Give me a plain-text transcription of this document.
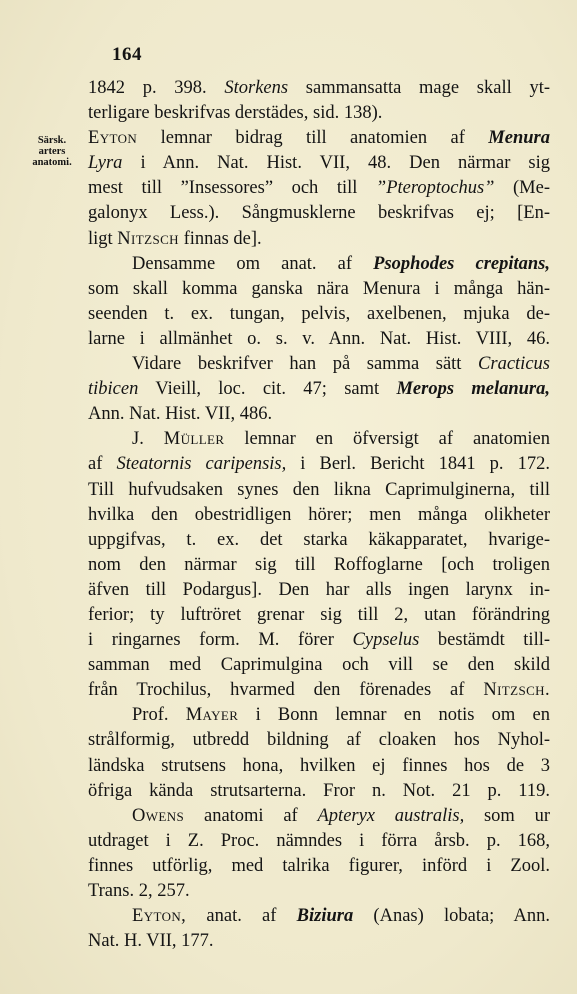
164
Särsk.
arters
anatomi.
1842 p. 398. Storkens sammansatta mage skall yt-
terligare beskrifvas derstädes, sid. 138).
Eyton lemnar bidrag till anatomien af Menura
Lyra i Ann. Nat. Hist. VII, 48. Den närmar sig
mest till ”Insessores” och till ”Pteroptochus” (Me-
galonyx Less.). Sångmusklerne beskrifvas ej; [En-
ligt Nitzsch finnas de].
Densamme om anat. af Psophodes crepitans,
som skall komma ganska nära Menura i många hän-
seenden t. ex. tungan, pelvis, axelbenen, mjuka de-
larne i allmänhet o. s. v. Ann. Nat. Hist. VIII, 46.
Vidare beskrifver han på samma sätt Cracticus
tibicen Vieill, loc. cit. 47; samt Merops melanura,
Ann. Nat. Hist. VII, 486.
J. Müller lemnar en öfversigt af anatomien
af Steatornis caripensis, i Berl. Bericht 1841 p. 172.
Till hufvudsaken synes den likna Caprimulginerna, till
hvilka den obestridligen hörer; men många olikheter
uppgifvas, t. ex. det starka käkapparatet, hvarige-
nom den närmar sig till Roffoglarne [och troligen
äfven till Podargus]. Den har alls ingen larynx in-
ferior; ty luftröret grenar sig till 2, utan förändring
i ringarnes form. M. förer Cypselus bestämdt till-
samman med Caprimulgina och vill se den skild
från Trochilus, hvarmed den förenades af Nitzsch.
Prof. Mayer i Bonn lemnar en notis om en
strålformig, utbredd bildning af cloaken hos Nyhol-
ländska strutsens hona, hvilken ej finnes hos de 3
öfriga kända strutsarterna. Fror n. Not. 21 p. 119.
Owens anatomi af Apteryx australis, som ur
utdraget i Z. Proc. nämndes i förra årsb. p. 168,
finnes utförlig, med talrika figurer, införd i Zool.
Trans. 2, 257.
Eyton, anat. af Biziura (Anas) lobata; Ann.
Nat. H. VII, 177.
